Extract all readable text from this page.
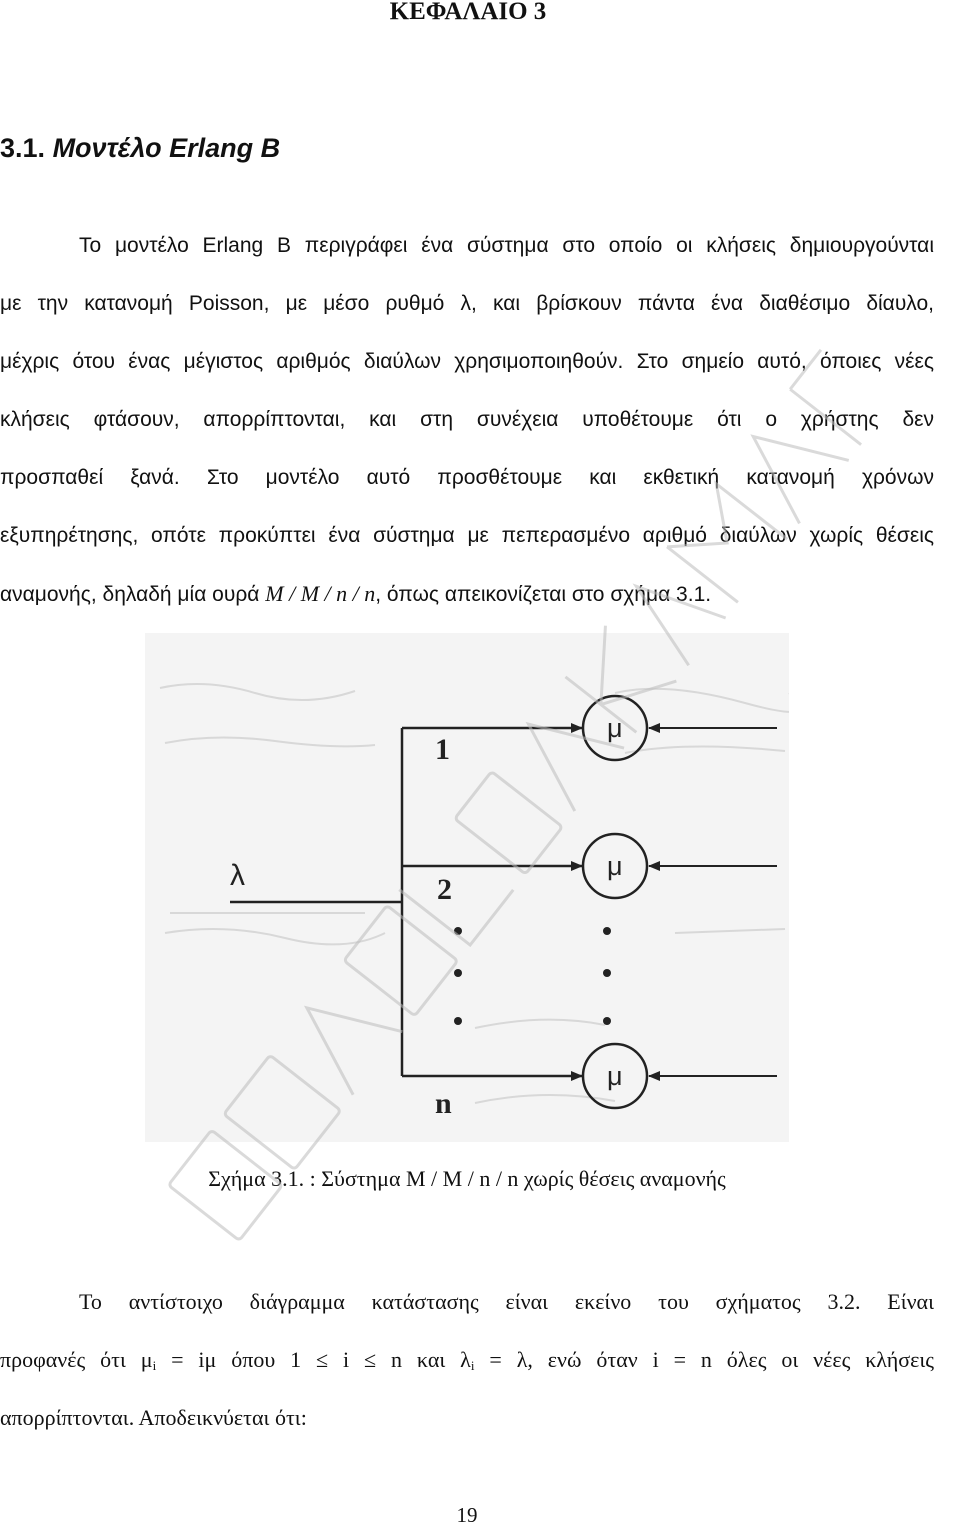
ΚΕΦΑΛΑΙΟ 3
3.1. Μοντέλο Erlang B
Το μοντέλο Erlang B περιγράφει ένα σύστημα στο οποίο οι κλήσεις δημιουργούνται
με την κατανομή Poisson, με μέσο ρυθμό λ, και βρίσκουν πάντα ένα διαθέσιμο δίαυλο,
μέχρις ότου ένας μέγιστος αριθμός διαύλων χρησιμοποιηθούν. Στο σημείο αυτό, όποιες νέες
κλήσεις φτάσουν, απορρίπτονται, και στη συνέχεια υποθέτουμε ότι ο χρήστης δεν
προσπαθεί ξανά. Στο μοντέλο αυτό προσθέτουμε και εκθετική κατανομή χρόνων
εξυπηρέτησης, οπότε προκύπτει ένα σύστημα με πεπερασμένο αριθμό διαύλων χωρίς θέσεις
αναμονής, δηλαδή μία ουρά M / M / n / n, όπως απεικονίζεται στο σχήμα 3.1.
λ
μ
μ
μ
1
2
n
Σχήμα 3.1. : Σύστημα M / M / n / n χωρίς θέσεις αναμονής
Το αντίστοιχο διάγραμμα κατάστασης είναι εκείνο του σχήματος 3.2. Είναι
προφανές ότι $\mu_i = i\mu$ όπου 1 ≤ i ≤ n και $\lambda_i = \lambda$, ενώ όταν i = n όλες οι νέες κλήσεις
απορρίπτονται. Αποδεικνύεται ότι:
19
